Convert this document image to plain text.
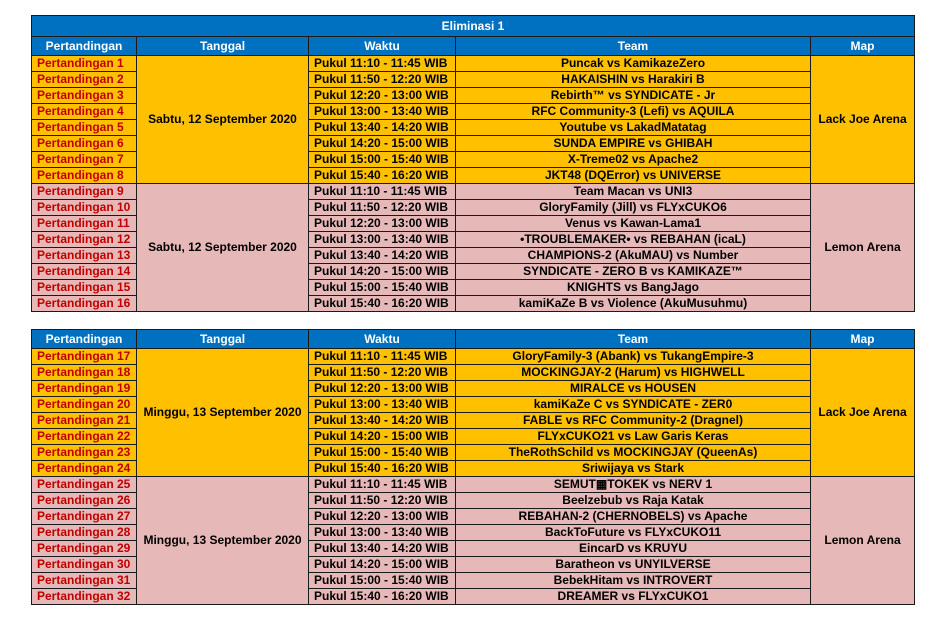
Eliminasi 1				
Pertandingan	Tanggal	Waktu	Team	Map
Pertandingan 1	Sabtu, 12 September 2020	Pukul 11:10 - 11:45 WIB	Puncak vs KamikazeZero	Lack Joe Arena
Pertandingan 2		Pukul 11:50 - 12:20 WIB	HAKAISHIN vs Harakiri B	
Pertandingan 3		Pukul 12:20 - 13:00 WIB	Rebirth™ vs SYNDICATE - Jr	
Pertandingan 4		Pukul 13:00 - 13:40 WIB	RFC Community-3 (Lefi) vs AQUILA	
Pertandingan 5		Pukul 13:40 - 14:20 WIB	Youtube vs LakadMatatag	
Pertandingan 6		Pukul 14:20 - 15:00 WIB	SUNDA EMPIRE vs GHIBAH	
Pertandingan 7		Pukul 15:00 - 15:40 WIB	X-Treme02 vs Apache2	
Pertandingan 8		Pukul 15:40 - 16:20 WIB	JKT48 (DQError) vs UNIVERSE	
Pertandingan 9	Sabtu, 12 September 2020	Pukul 11:10 - 11:45 WIB	Team Macan vs UNI3	Lemon Arena
Pertandingan 10		Pukul 11:50 - 12:20 WIB	GloryFamily (Jill) vs FLYxCUKO6	
Pertandingan 11		Pukul 12:20 - 13:00 WIB	Venus vs Kawan-Lama1	
Pertandingan 12		Pukul 13:00 - 13:40 WIB	•TROUBLEMAKER• vs REBAHAN (icaL)	
Pertandingan 13		Pukul 13:40 - 14:20 WIB	CHAMPIONS-2 (AkuMAU) vs Number	
Pertandingan 14		Pukul 14:20 - 15:00 WIB	SYNDICATE - ZERO B vs KAMIKAZE™	
Pertandingan 15		Pukul 15:00 - 15:40 WIB	KNIGHTS vs BangJago	
Pertandingan 16		Pukul 15:40 - 16:20 WIB	kamiKaZe B vs Violence (AkuMusuhmu)	
Pertandingan	Tanggal	Waktu	Team	Map
Pertandingan 17	Minggu, 13 September 2020	Pukul 11:10 - 11:45 WIB	GloryFamily-3 (Abank) vs TukangEmpire-3	Lack Joe Arena
Pertandingan 18		Pukul 11:50 - 12:20 WIB	MOCKINGJAY-2 (Harum) vs HIGHWELL	
Pertandingan 19		Pukul 12:20 - 13:00 WIB	MIRALCE vs HOUSEN	
Pertandingan 20		Pukul 13:00 - 13:40 WIB	kamiKaZe C vs SYNDICATE - ZER0	
Pertandingan 21		Pukul 13:40 - 14:20 WIB	FABLE vs RFC Community-2 (Dragnel)	
Pertandingan 22		Pukul 14:20 - 15:00 WIB	FLYxCUKO21 vs Law Garis Keras	
Pertandingan 23		Pukul 15:00 - 15:40 WIB	TheRothSchild vs MOCKINGJAY (QueenAs)	
Pertandingan 24		Pukul 15:40 - 16:20 WIB	Sriwijaya vs Stark	
Pertandingan 25	Minggu, 13 September 2020	Pukul 11:10 - 11:45 WIB	SEMUT▦TOKEK vs NERV 1	Lemon Arena
Pertandingan 26		Pukul 11:50 - 12:20 WIB	Beelzebub vs Raja Katak	
Pertandingan 27		Pukul 12:20 - 13:00 WIB	REBAHAN-2 (CHERNOBELS) vs Apache	
Pertandingan 28		Pukul 13:00 - 13:40 WIB	BackToFuture vs FLYxCUKO11	
Pertandingan 29		Pukul 13:40 - 14:20 WIB	EincarD vs KRUYU	
Pertandingan 30		Pukul 14:20 - 15:00 WIB	Baratheon vs UNYILVERSE	
Pertandingan 31		Pukul 15:00 - 15:40 WIB	BebekHitam vs INTROVERT	
Pertandingan 32		Pukul 15:40 - 16:20 WIB	DREAMER vs FLYxCUKO1	
